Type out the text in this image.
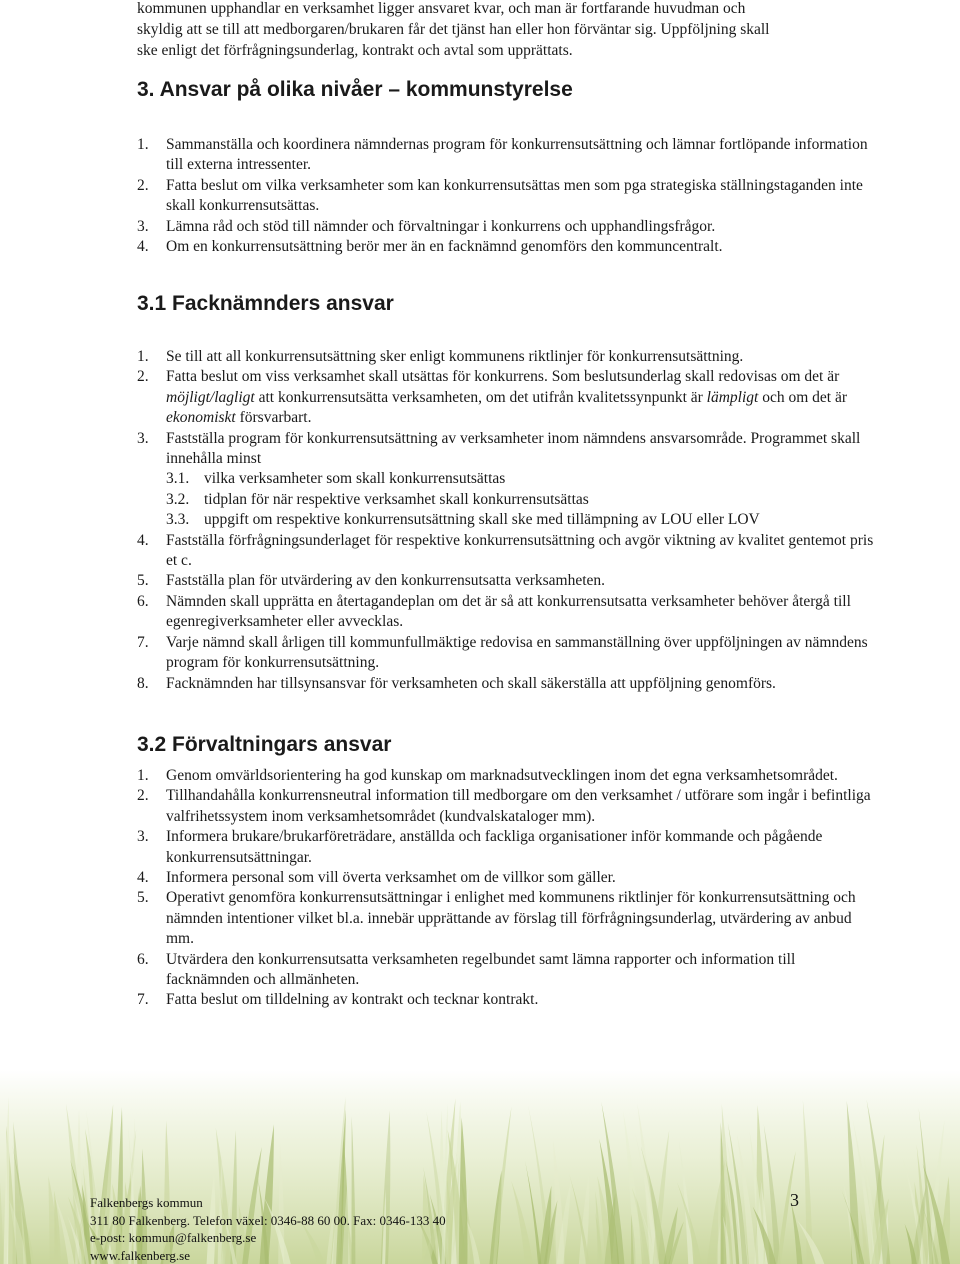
kommunen upphandlar en verksamhet ligger ansvaret kvar, och man är fortfarande huvudman och
skyldig att se till att medborgaren/brukaren får det tjänst han eller hon förväntar sig. Uppföljning skall
ske enligt det förfrågningsunderlag, kontrakt och avtal som upprättats.

3. Ansvar på olika nivåer – kommunstyrelse
1. Sammanställa och koordinera nämndernas program för konkurrensutsättning och lämnar fortlöpande information till externa intressenter.
2. Fatta beslut om vilka verksamheter som kan konkurrensutsättas men som pga strategiska ställningstaganden inte skall konkurrensutsättas.
3. Lämna råd och stöd till nämnder och förvaltningar i konkurrens och upphandlingsfrågor.
4. Om en konkurrensutsättning berör mer än en facknämnd genomförs den kommuncentralt.
3.1 Facknämnders ansvar
1. Se till att all konkurrensutsättning sker enligt kommunens riktlinjer för konkurrensutsättning.
2. Fatta beslut om viss verksamhet skall utsättas för konkurrens. Som beslutsunderlag skall redovisas om det är möjligt/lagligt att konkurrensutsätta verksamheten, om det utifrån kvalitetssynpunkt är lämpligt och om det är ekonomiskt försvarbart.
3. Fastställa program för konkurrensutsättning av verksamheter inom nämndens ansvarsområde. Programmet skall innehålla minst
3.1. vilka verksamheter som skall konkurrensutsättas
3.2. tidplan för när respektive verksamhet skall konkurrensutsättas
3.3. uppgift om respektive konkurrensutsättning skall ske med tillämpning av LOU eller LOV
4. Fastställa förfrågningsunderlaget för respektive konkurrensutsättning och avgör viktning av kvalitet gentemot pris et c.
5. Fastställa plan för utvärdering av den konkurrensutsatta verksamheten.
6. Nämnden skall upprätta en återtagandeplan om det är så att konkurrensutsatta verksamheter behöver återgå till egenregiverksamheter eller avvecklas.
7. Varje nämnd skall årligen till kommunfullmäktige redovisa en sammanställning över uppföljningen av nämndens program för konkurrensutsättning.
8. Facknämnden har tillsynsansvar för verksamheten och skall säkerställa att uppföljning genomförs.
3.2 Förvaltningars ansvar
1. Genom omvärldsorientering ha god kunskap om marknadsutvecklingen inom det egna verksamhetsområdet.
2. Tillhandahålla konkurrensneutral information till medborgare om den verksamhet / utförare som ingår i befintliga valfrihetssystem inom verksamhetsområdet (kundvalskataloger mm).
3. Informera brukare/brukarföreträdare, anställda och fackliga organisationer inför kommande och pågående konkurrensutsättningar.
4. Informera personal som vill överta verksamhet om de villkor som gäller.
5. Operativt genomföra konkurrensutsättningar i enlighet med kommunens riktlinjer för konkurrensutsättning och nämnden intentioner vilket bl.a. innebär upprättande av förslag till förfrågningsunderlag, utvärdering av anbud mm.
6. Utvärdera den konkurrensutsatta verksamheten regelbundet samt lämna rapporter och information till facknämnden och allmänheten.
7. Fatta beslut om tilldelning av kontrakt och tecknar kontrakt.
Falkenbergs kommun
311 80 Falkenberg. Telefon växel: 0346-88 60 00. Fax: 0346-133 40
e-post: kommun@falkenberg.se
www.falkenberg.se
3
